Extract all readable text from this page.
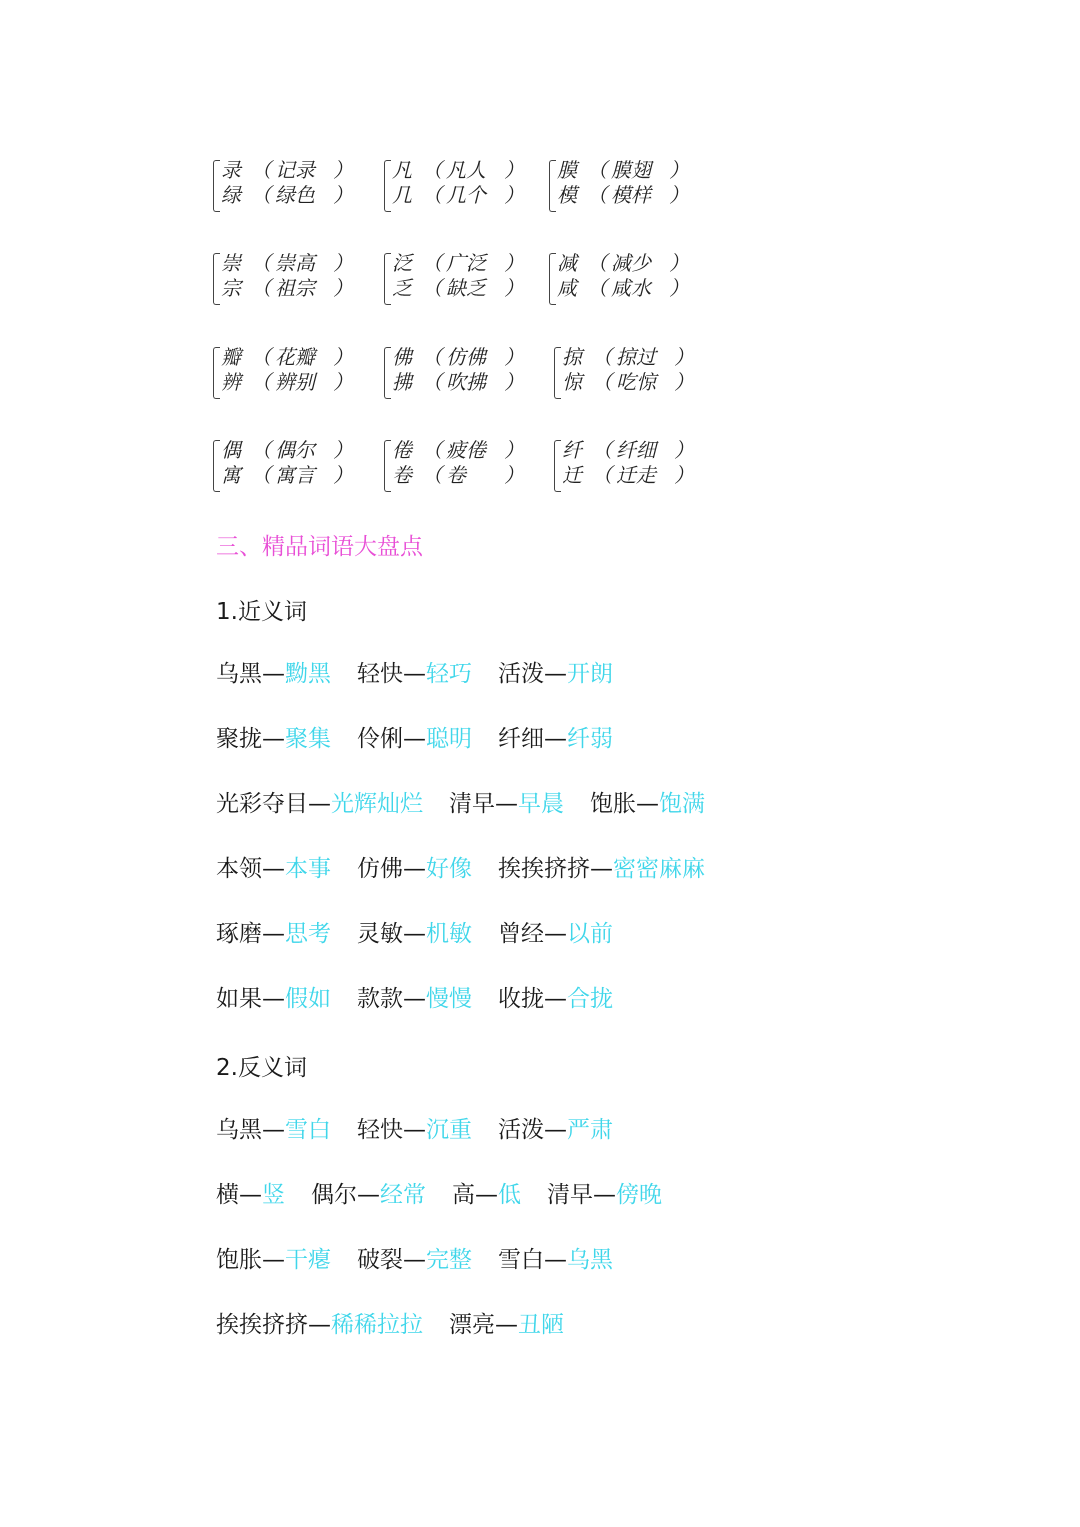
录 （ 记录 ）
绿 （ 绿色 ）
凡 （ 凡人 ）
几 （ 几个 ）
膜 （ 膜翅 ）
模 （ 模样 ）
崇 （ 崇高 ）
宗 （ 祖宗 ）
泛 （ 广泛 ）
乏 （ 缺乏 ）
减 （ 减少 ）
咸 （ 咸水 ）
瓣 （ 花瓣 ）
辨 （ 辨别 ）
佛 （ 仿佛 ）
拂 （ 吹拂 ）
掠 （ 掠过 ）
惊 （ 吃惊 ）
偶 （ 偶尔 ）
寓 （ 寓言 ）
倦 （ 疲倦 ）
卷 （ 卷 ）
纤 （ 纤细 ）
迁 （ 迁走 ）
三、精品词语大盘点
1.近义词
乌黑—黝黑 轻快—轻巧 活泼—开朗
聚拢—聚集 伶俐—聪明 纤细—纤弱
光彩夺目—光辉灿烂 清早—早晨 饱胀—饱满
本领—本事 仿佛—好像 挨挨挤挤—密密麻麻
琢磨—思考 灵敏—机敏 曾经—以前
如果—假如 款款—慢慢 收拢—合拢
2.反义词
乌黑—雪白 轻快—沉重 活泼—严肃
横—竖 偶尔—经常 高—低 清早—傍晚
饱胀—干瘪 破裂—完整 雪白—乌黑
挨挨挤挤—稀稀拉拉 漂亮—丑陋
